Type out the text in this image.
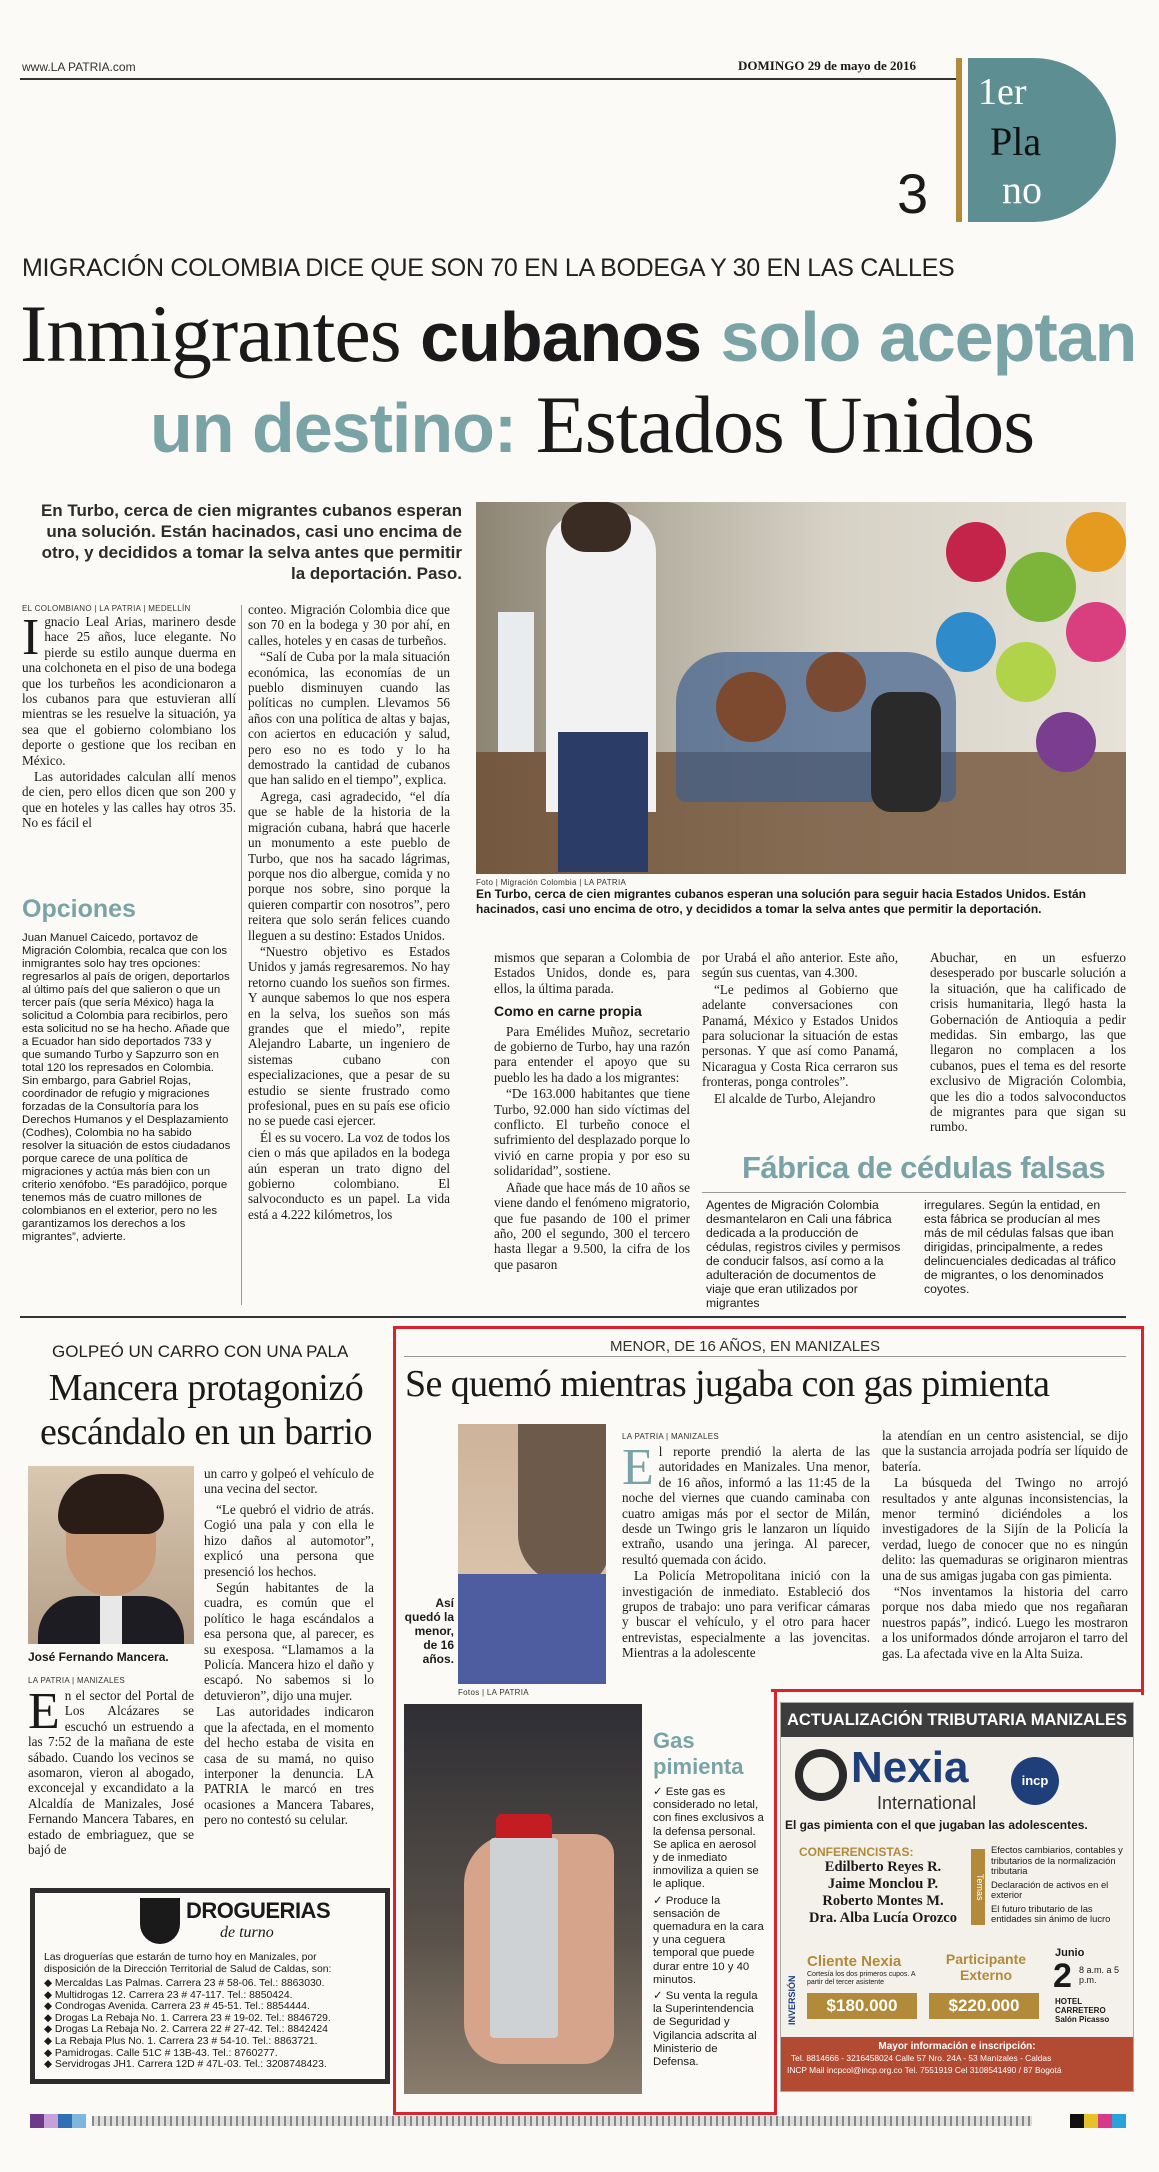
www.LA PATRIA.com	DOMINGO 29 de mayo de 2016
3
1er
Pla
no
MIGRACIÓN COLOMBIA DICE QUE SON 70 EN LA BODEGA Y 30 EN LAS CALLES
Inmigrantes cubanos solo aceptan
un destino: Estados Unidos
En Turbo, cerca de cien migrantes cubanos esperan una solución. Están hacinados, casi uno encima de otro, y decididos a tomar la selva antes que permitir la deportación. Paso.
Foto | Migración Colombia | LA PATRIA
En Turbo, cerca de cien migrantes cubanos esperan una solución para seguir hacia Estados Unidos. Están hacinados, casi uno encima de otro, y decididos a tomar la selva antes que permitir la deportación.
EL COLOMBIANO | LA PATRIA | MEDELLÍN

Ignacio Leal Arias, marinero desde hace 25 años, luce elegante. No pierde su estilo aunque duerma en una colchoneta en el piso de una bodega que los turbeños les acondicionaron a los cubanos para que estuvieran allí mientras se les resuelve la situación, ya sea que el gobierno colombiano los deporte o gestione que los reciban en México.

Las autoridades calculan allí menos de cien, pero ellos dicen que son 200 y que en hoteles y las calles hay otros 35. No es fácil el

Opciones
Juan Manuel Caicedo, portavoz de Migración Colombia, recalca que con los inmigrantes solo hay tres opciones: regresarlos al país de origen, deportarlos al último país del que salieron o que un tercer país (que sería México) haga la solicitud a Colombia para recibirlos, pero esta solicitud no se ha hecho. Añade que a Ecuador han sido deportados 733 y que sumando Turbo y Sapzurro son en total 120 los represados en Colombia. Sin embargo, para Gabriel Rojas, coordinador de refugio y migraciones forzadas de la Consultoría para los Derechos Humanos y el Desplazamiento (Codhes), Colombia no ha sabido resolver la situación de estos ciudadanos porque carece de una política de migraciones y actúa más bien con un criterio xenófobo. “Es paradójico, porque tenemos más de cuatro millones de colombianos en el exterior, pero no les garantizamos los derechos a los migrantes”, advierte.

conteo. Migración Colombia dice que son 70 en la bodega y 30 por ahí, en calles, hoteles y en casas de turbeños.

“Salí de Cuba por la mala situación económica, las economías de un pueblo disminuyen cuando las políticas no cumplen. Llevamos 56 años con una política de altas y bajas, con aciertos en educación y salud, pero eso no es todo y lo ha demostrado la cantidad de cubanos que han salido en el tiempo”, explica.

Agrega, casi agradecido, “el día que se hable de la historia de la migración cubana, habrá que hacerle un monumento a este pueblo de Turbo, que nos ha sacado lágrimas, porque nos dio albergue, comida y no porque nos sobre, sino porque la quieren compartir con nosotros”, pero reitera que solo serán felices cuando lleguen a su destino: Estados Unidos.

“Nuestro objetivo es Estados Unidos y jamás regresaremos. No hay retorno cuando los sueños son firmes. Y aunque sabemos lo que nos espera en la selva, los sueños son más grandes que el miedo”, repite Alejandro Labarte, un ingeniero de sistemas cubano con especializaciones, que a pesar de su estudio se siente frustrado como profesional, pues en su país ese oficio no se puede casi ejercer.

Él es su vocero. La voz de todos los cien o más que apilados en la bodega aún esperan un trato digno del gobierno colombiano. El salvoconducto es un papel. La vida está a 4.222 kilómetros, los

mismos que separan a Colombia de Estados Unidos, donde es, para ellos, la última parada.

Como en carne propia

Para Emélides Muñoz, secretario de gobierno de Turbo, hay una razón para entender el apoyo que su pueblo les ha dado a los migrantes:

“De 163.000 habitantes que tiene Turbo, 92.000 han sido víctimas del conflicto. El turbeño conoce el sufrimiento del desplazado porque lo vivió en carne propia y por eso su solidaridad”, sostiene.

Añade que hace más de 10 años se viene dando el fenómeno migratorio, que fue pasando de 100 el primer año, 200 el segundo, 300 el tercero hasta llegar a 9.500, la cifra de los que pasaron

por Urabá el año anterior. Este año, según sus cuentas, van 4.300.

“Le pedimos al Gobierno que adelante conversaciones con Panamá, México y Estados Unidos para solucionar la situación de estas personas. Y que así como Panamá, Nicaragua y Costa Rica cerraron sus fronteras, ponga controles”.

El alcalde de Turbo, Alejandro

Abuchar, en un esfuerzo desesperado por buscarle solución a la situación, que ha calificado de crisis humanitaria, llegó hasta la Gobernación de Antioquia a pedir medidas. Sin embargo, las que llegaron no complacen a los cubanos, pues el tema es del resorte exclusivo de Migración Colombia, que les dio a todos salvoconductos de migrantes para que sigan su rumbo.

Fábrica de cédulas falsas
Agentes de Migración Colombia desmantelaron en Cali una fábrica dedicada a la producción de cédulas, registros civiles y permisos de conducir falsos, así como a la adulteración de documentos de viaje que eran utilizados por migrantes
irregulares. Según la entidad, en esta fábrica se producían al mes más de mil cédulas falsas que iban dirigidas, principalmente, a redes delincuenciales dedicadas al tráfico de migrantes, o los denominados coyotes.
GOLPEÓ UN CARRO CON UNA PALA
Mancera protagonizó escándalo en un barrio
José Fernando Mancera.
un carro y golpeó el vehículo de una vecina del sector.
LA PATRIA | MANIZALES

En el sector del Portal de Los Alcázares se escuchó un estruendo a las 7:52 de la mañana de este sábado. Cuando los vecinos se asomaron, vieron al abogado, exconcejal y excandidato a la Alcaldía de Manizales, José Fernando Mancera Tabares, en estado de embriaguez, que se bajó de

“Le quebró el vidrio de atrás. Cogió una pala y con ella le hizo daños al automotor”, explicó una persona que presenció los hechos.

Según habitantes de la cuadra, es común que el político le haga escándalos a esa persona que, al parecer, es su exesposa. “Llamamos a la Policía. Mancera hizo el daño y escapó. No sabemos si lo detuvieron”, dijo una mujer.

Las autoridades indicaron que la afectada, en el momento del hecho estaba de visita en casa de su mamá, no quiso interponer la denuncia. LA PATRIA le marcó en tres ocasiones a Mancera Tabares, pero no contestó su celular.

DROGUERIAS
de turno
Las droguerías que estarán de turno hoy en Manizales, por disposición de la Dirección Territorial de Salud de Caldas, son:
◆ Mercaldas Las Palmas. Carrera 23 # 58-06. Tel.: 8863030.
◆ Multidrogas 12. Carrera 23 # 47-117. Tel.: 8850424.
◆ Condrogas Avenida. Carrera 23 # 45-51. Tel.: 8854444.
◆ Drogas La Rebaja No. 1. Carrera 23 # 19-02. Tel.: 8846729.
◆ Drogas La Rebaja No. 2. Carrera 22 # 27-42. Tel.: 8842424
◆ La Rebaja Plus No. 1. Carrera 23 # 54-10. Tel.: 8863721.
◆ Pamidrogas. Calle 51C # 13B-43. Tel.: 8760277.
◆ Servidrogas JH1. Carrera 12D # 47L-03. Tel.: 3208748423.
MENOR, DE 16 AÑOS, EN MANIZALES
Se quemó mientras jugaba con gas pimienta
Así quedó la menor, de 16 años.
Fotos | LA PATRIA
LA PATRIA | MANIZALES

El reporte prendió la alerta de las autoridades en Manizales. Una menor, de 16 años, informó a las 11:45 de la noche del viernes que cuando caminaba con cuatro amigas más por el sector de Milán, desde un Twingo gris le lanzaron un líquido extraño, usando una jeringa. Al parecer, resultó quemada con ácido.

La Policía Metropolitana inició con la investigación de inmediato. Estableció dos grupos de trabajo: uno para verificar cámaras y buscar el vehículo, y el otro para hacer entrevistas, especialmente a las jovencitas. Mientras a la adolescente

la atendían en un centro asistencial, se dijo que la sustancia arrojada podría ser líquido de batería.

La búsqueda del Twingo no arrojó resultados y ante algunas inconsistencias, la menor terminó diciéndoles a los investigadores de la Sijín de la Policía la verdad, luego de conocer que no es ningún delito: las quemaduras se originaron mientras una de sus amigas jugaba con gas pimienta.

“Nos inventamos la historia del carro porque nos daba miedo que nos regañaran nuestros papás”, indicó. Luego les mostraron a los uniformados dónde arrojaron el tarro del gas. La afectada vive en la Alta Suiza.

Gas
pimienta

✓ Este gas es considerado no letal, con fines exclusivos a la defensa personal. Se aplica en aerosol y de inmediato inmoviliza a quien se le aplique.

✓ Produce la sensación de quemadura en la cara y una ceguera temporal que puede durar entre 10 y 40 minutos.

✓ Su venta la regula la Superintendencia de Seguridad y Vigilancia adscrita al Ministerio de Defensa.

ACTUALIZACIÓN TRIBUTARIA MANIZALES
Nexia
International
incp
El gas pimienta con el que jugaban las adolescentes.
CONFERENCISTAS:
Edilberto Reyes R.
Jaime Monclou P.
Roberto Montes M.
Dra. Alba Lucía Orozco
Temas
Efectos cambiarios, contables y tributarios de la normalización tributaria
Declaración de activos en el exterior
El futuro tributario de las entidades sin ánimo de lucro
INVERSIÓN
Cliente Nexia
Cortesía los dos primeros cupos. A partir del tercer asistente
Participante Externo
$180.000	$220.000
Junio
2 8 a.m. a 5 p.m.
HOTEL CARRETERO Salón Picasso
Mayor información e inscripción:
Tel. 8814666 - 3216458024 Calle 57 Nro. 24A - 53 Manizales - Caldas
INCP Mail incpcol@incp.org.co Tel. 7551919 Cel 3108541490 / 87 Bogotá
